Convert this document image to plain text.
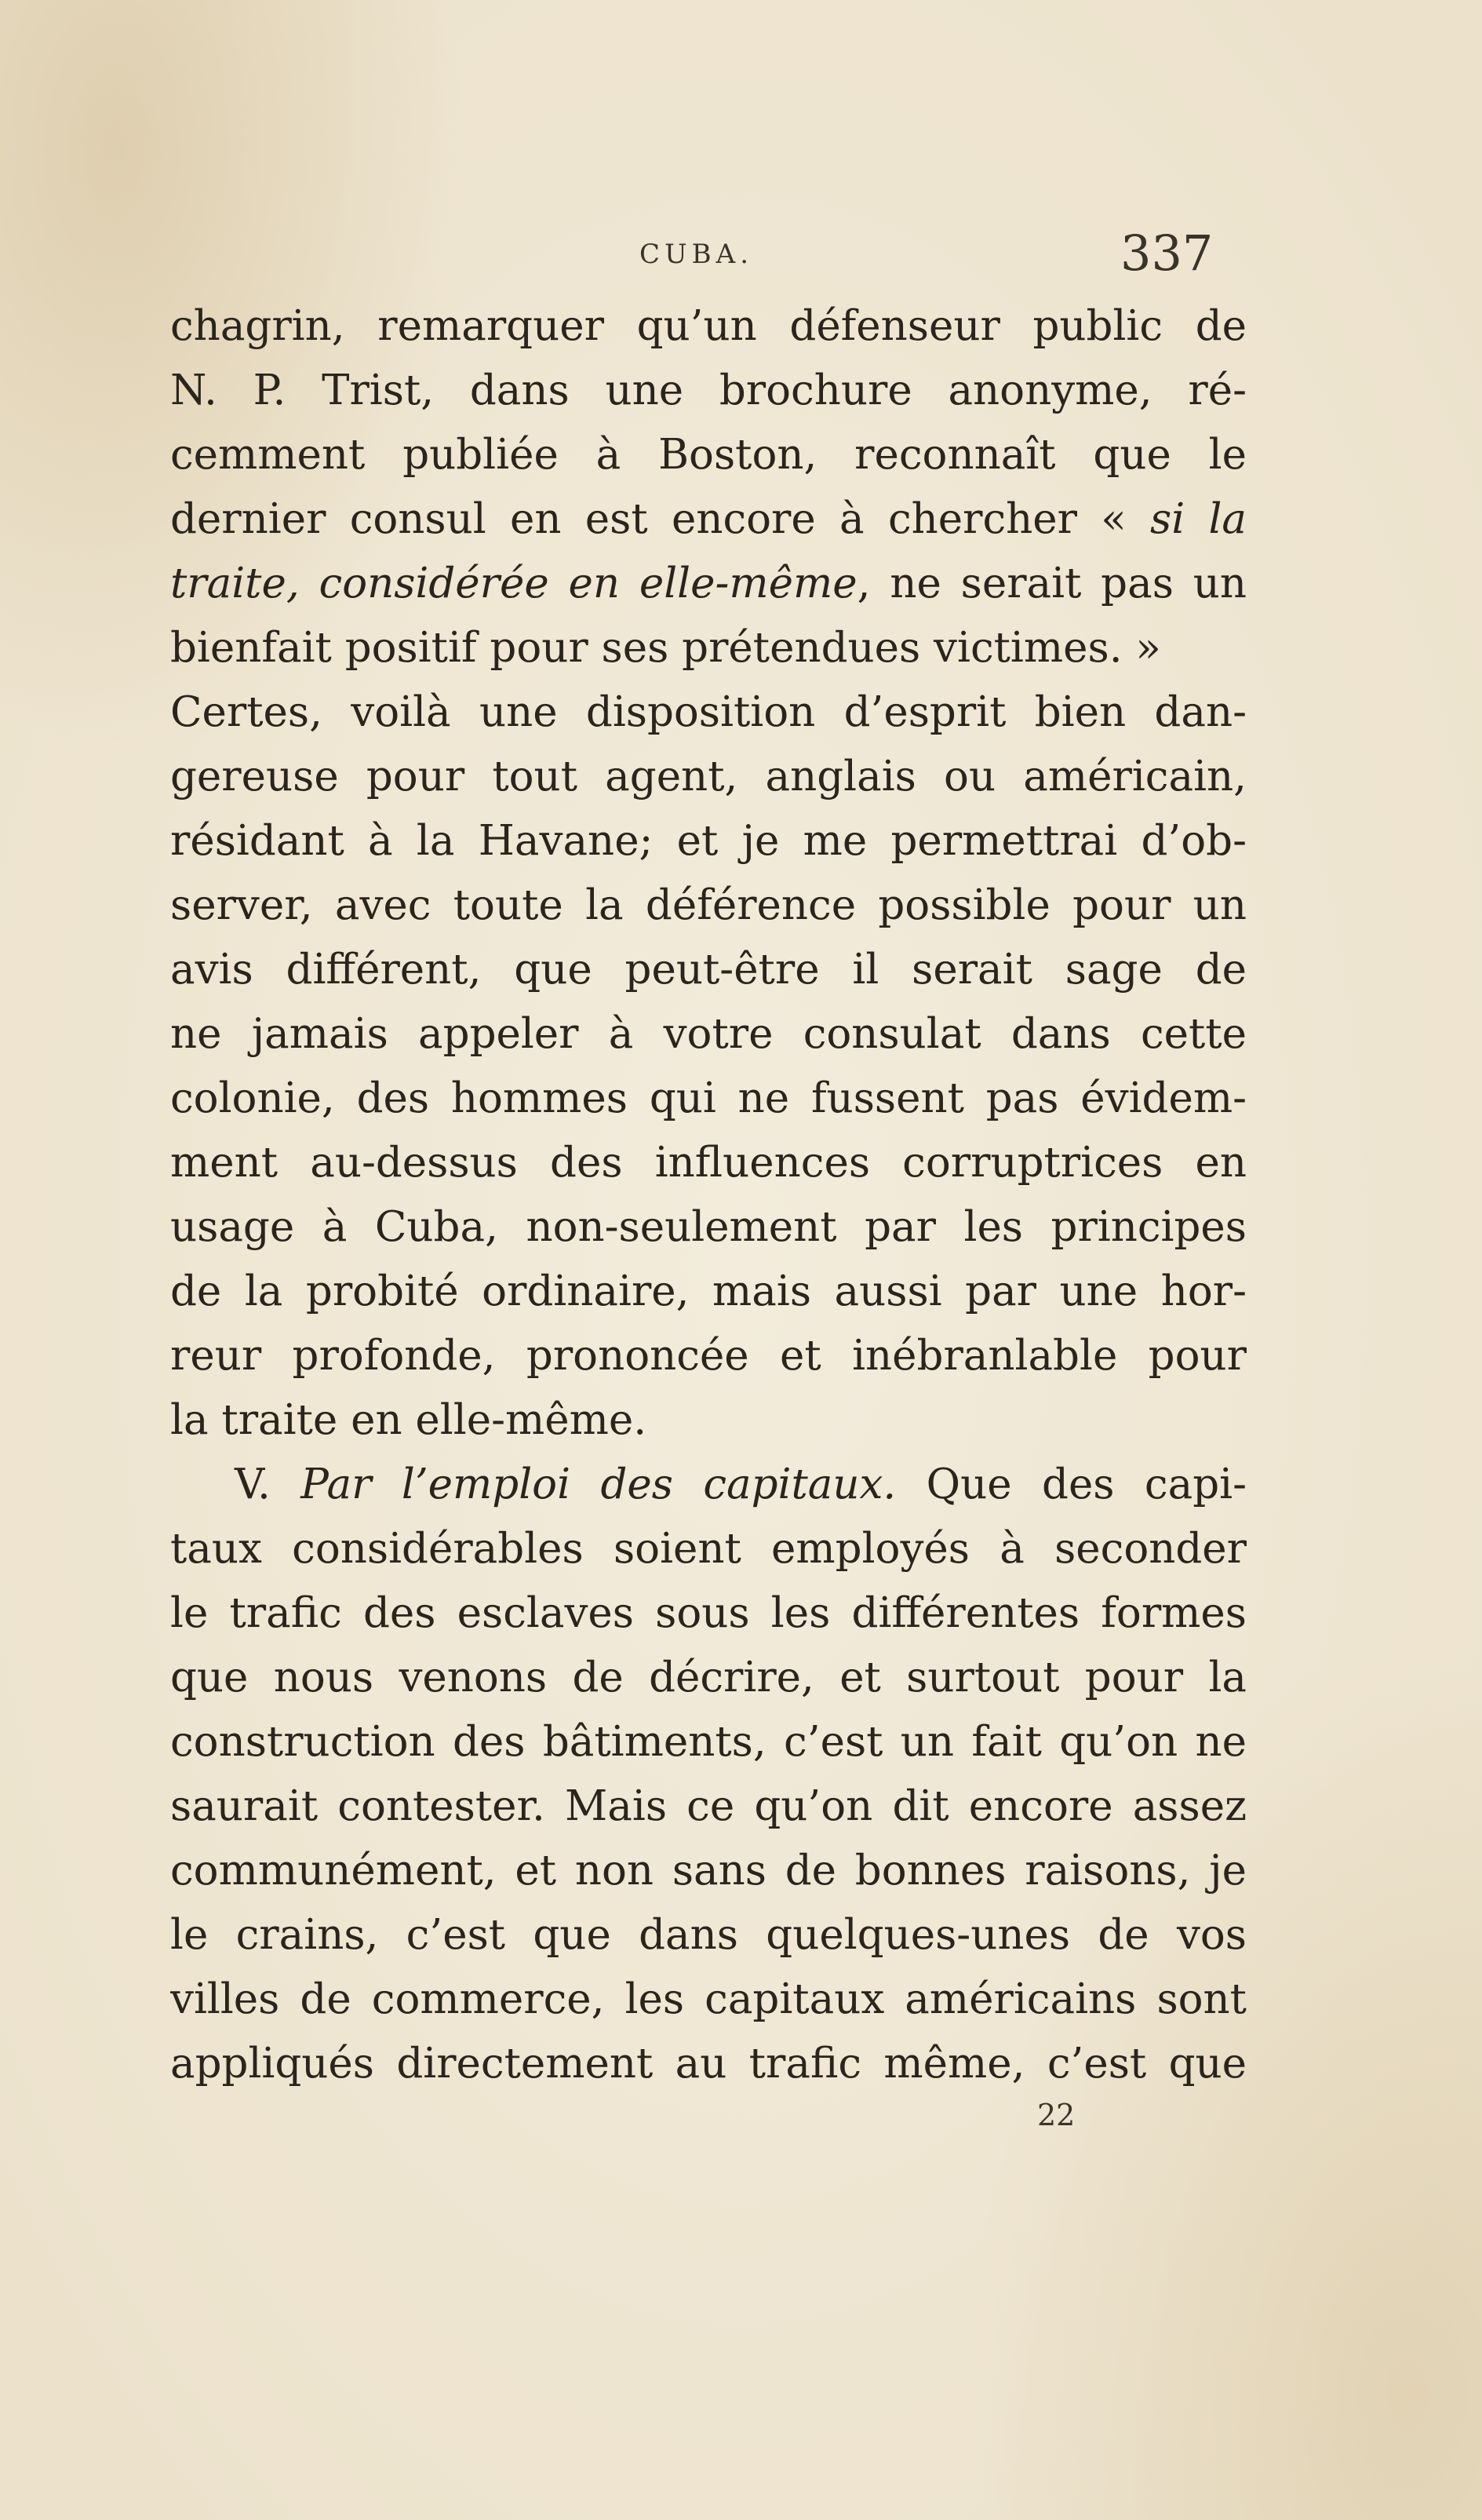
CUBA.	337
chagrin, remarquer qu’un défenseur public de
N. P. Trist, dans une brochure anonyme, ré-
cemment publiée à Boston, reconnaît que le
dernier consul en est encore à chercher « si la
traite, considérée en elle-même, ne serait pas un
bienfait positif pour ses prétendues victimes. »
Certes, voilà une disposition d’esprit bien dan-
gereuse pour tout agent, anglais ou américain,
résidant à la Havane; et je me permettrai d’ob-
server, avec toute la déférence possible pour un
avis différent, que peut-être il serait sage de
ne jamais appeler à votre consulat dans cette
colonie, des hommes qui ne fussent pas évidem-
ment au-dessus des influences corruptrices en
usage à Cuba, non-seulement par les principes
de la probité ordinaire, mais aussi par une hor-
reur profonde, prononcée et inébranlable pour
la traite en elle-même.
V. Par l’emploi des capitaux. Que des capi-
taux considérables soient employés à seconder
le trafic des esclaves sous les différentes formes
que nous venons de décrire, et surtout pour la
construction des bâtiments, c’est un fait qu’on ne
saurait contester. Mais ce qu’on dit encore assez
communément, et non sans de bonnes raisons, je
le crains, c’est que dans quelques-unes de vos
villes de commerce, les capitaux américains sont
appliqués directement au trafic même, c’est que
22
